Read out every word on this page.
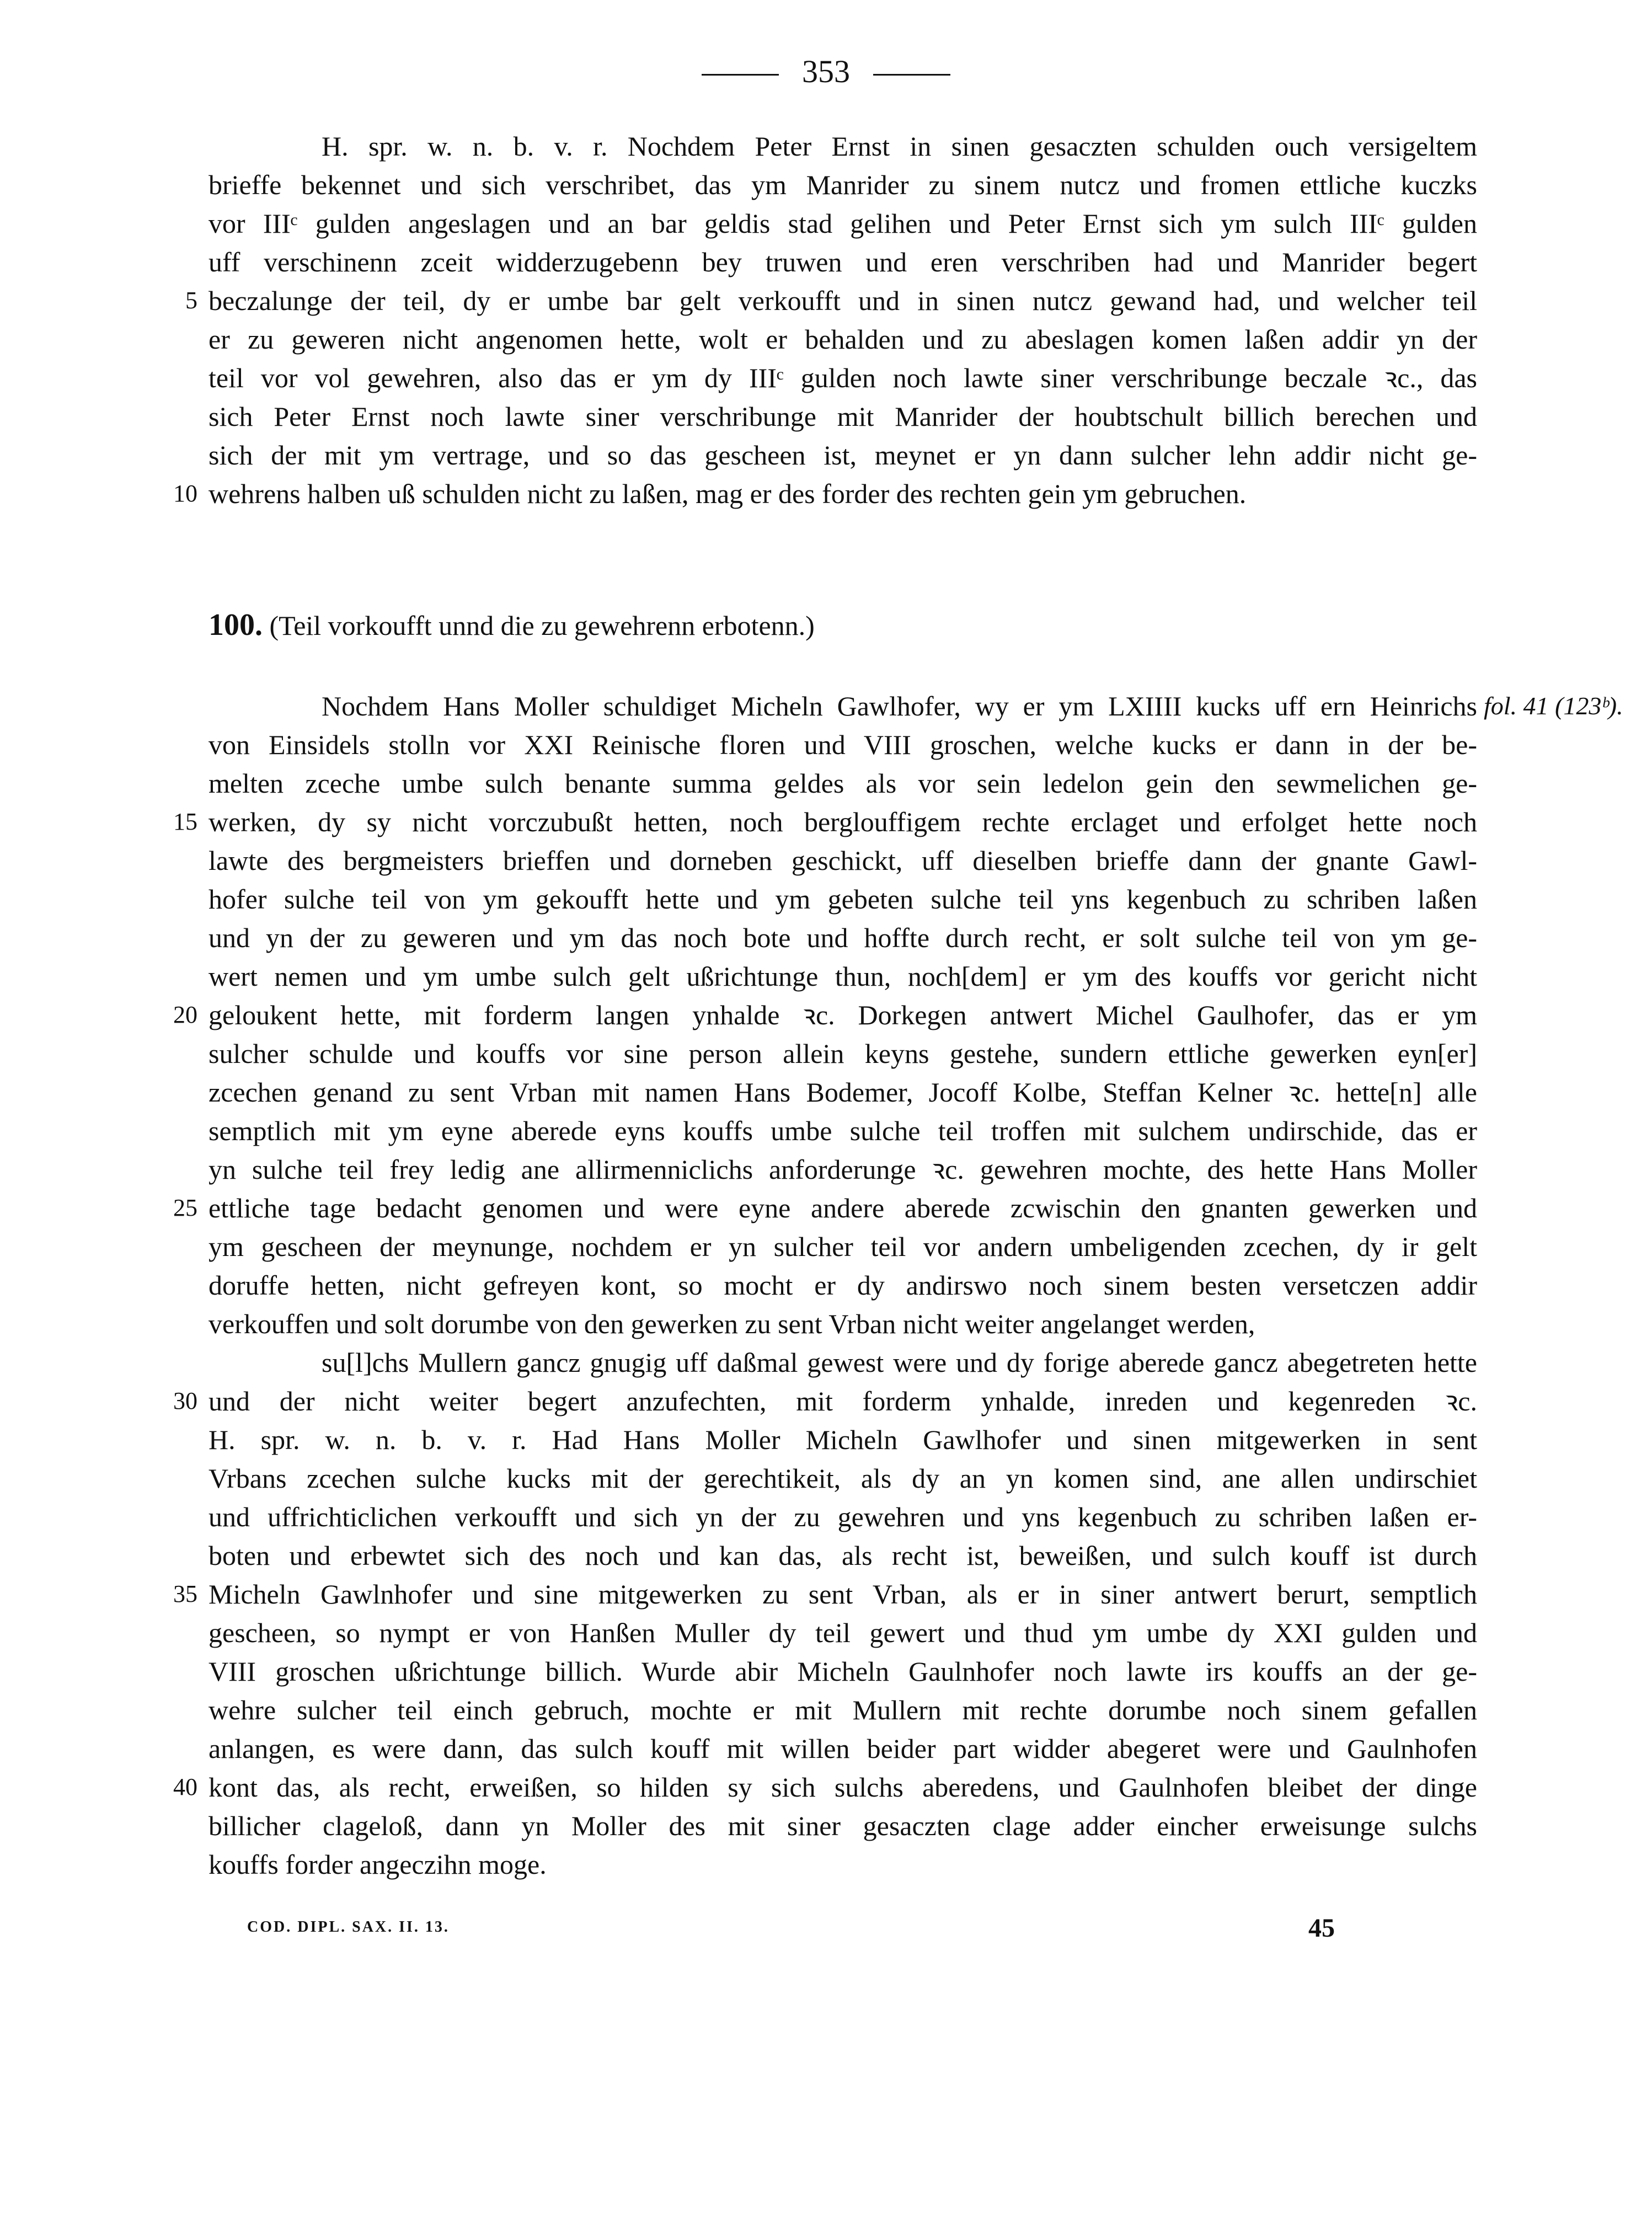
353
H. spr. w. n. b. v. r. Nochdem Peter Ernst in sinen gesaczten schulden ouch versigeltem
brieffe bekennet und sich verschribet, das ym Manrider zu sinem nutcz und fromen ettliche kuczks
vor IIIᶜ gulden angeslagen und an bar geldis stad gelihen und Peter Ernst sich ym sulch IIIᶜ gulden
uff verschinenn zceit widderzugebenn bey truwen und eren verschriben had und Manrider begert
5 beczalunge der teil, dy er umbe bar gelt verkoufft und in sinen nutcz gewand had, und welcher teil
er zu geweren nicht angenomen hette, wolt er behalden und zu abeslagen komen laßen addir yn der
teil vor vol gewehren, also das er ym dy IIIᶜ gulden noch lawte siner verschribunge beczale ꝛc., das
sich Peter Ernst noch lawte siner verschribunge mit Manrider der houbtschult billich berechen und
sich der mit ym vertrage, und so das gescheen ist, meynet er yn dann sulcher lehn addir nicht ge-
10 wehrens halben uß schulden nicht zu laßen, mag er des forder des rechten gein ym gebruchen.
100. (Teil vorkoufft unnd die zu gewehrenn erbotenn.)
Nochdem Hans Moller schuldiget Micheln Gawlhofer, wy er ym LXIIII kucks uff ern Heinrichs fol. 41 (123ᵇ).
von Einsidels stolln vor XXI Reinische floren und VIII groschen, welche kucks er dann in der be-
melten zceche umbe sulch benante summa geldes als vor sein ledelon gein den sewmelichen ge-
15 werken, dy sy nicht vorczubußt hetten, noch berglouffigem rechte erclaget und erfolget hette noch
lawte des bergmeisters brieffen und dorneben geschickt, uff dieselben brieffe dann der gnante Gawl-
hofer sulche teil von ym gekoufft hette und ym gebeten sulche teil yns kegenbuch zu schriben laßen
und yn der zu geweren und ym das noch bote und hoffte durch recht, er solt sulche teil von ym ge-
wert nemen und ym umbe sulch gelt ußrichtunge thun, noch[dem] er ym des kouffs vor gericht nicht
20 geloukent hette, mit forderm langen ynhalde ꝛc. Dorkegen antwert Michel Gaulhofer, das er ym
sulcher schulde und kouffs vor sine person allein keyns gestehe, sundern ettliche gewerken eyn[er]
zcechen genand zu sent Vrban mit namen Hans Bodemer, Jocoff Kolbe, Steffan Kelner ꝛc. hette[n] alle
semptlich mit ym eyne aberede eyns kouffs umbe sulche teil troffen mit sulchem undirschide, das er
yn sulche teil frey ledig ane allirmenniclichs anforderunge ꝛc. gewehren mochte, des hette Hans Moller
25 ettliche tage bedacht genomen und were eyne andere aberede zcwischin den gnanten gewerken und
ym gescheen der meynunge, nochdem er yn sulcher teil vor andern umbeligenden zcechen, dy ir gelt
doruffe hetten, nicht gefreyen kont, so mocht er dy andirswo noch sinem besten versetczen addir
verkouffen und solt dorumbe von den gewerken zu sent Vrban nicht weiter angelanget werden,
su[l]chs Mullern gancz gnugig uff daßmal gewest were und dy forige aberede gancz abegetreten hette
30 und der nicht weiter begert anzufechten, mit forderm ynhalde, inreden und kegenreden ꝛc.
H. spr. w. n. b. v. r. Had Hans Moller Micheln Gawlhofer und sinen mitgewerken in sent
Vrbans zcechen sulche kucks mit der gerechtikeit, als dy an yn komen sind, ane allen undirschiet
und uffrichticlichen verkoufft und sich yn der zu gewehren und yns kegenbuch zu schriben laßen er-
boten und erbewtet sich des noch und kan das, als recht ist, beweißen, und sulch kouff ist durch
35 Micheln Gawlnhofer und sine mitgewerken zu sent Vrban, als er in siner antwert berurt, semptlich
gescheen, so nympt er von Hanßen Muller dy teil gewert und thud ym umbe dy XXI gulden und
VIII groschen ußrichtunge billich. Wurde abir Micheln Gaulnhofer noch lawte irs kouffs an der ge-
wehre sulcher teil einch gebruch, mochte er mit Mullern mit rechte dorumbe noch sinem gefallen
anlangen, es were dann, das sulch kouff mit willen beider part widder abegeret were und Gaulnhofen
40 kont das, als recht, erweißen, so hilden sy sich sulchs aberedens, und Gaulnhofen bleibet der dinge
billicher clageloß, dann yn Moller des mit siner gesaczten clage adder eincher erweisunge sulchs
kouffs forder angeczihn moge.
COD. DIPL. SAX. II. 13.	45
